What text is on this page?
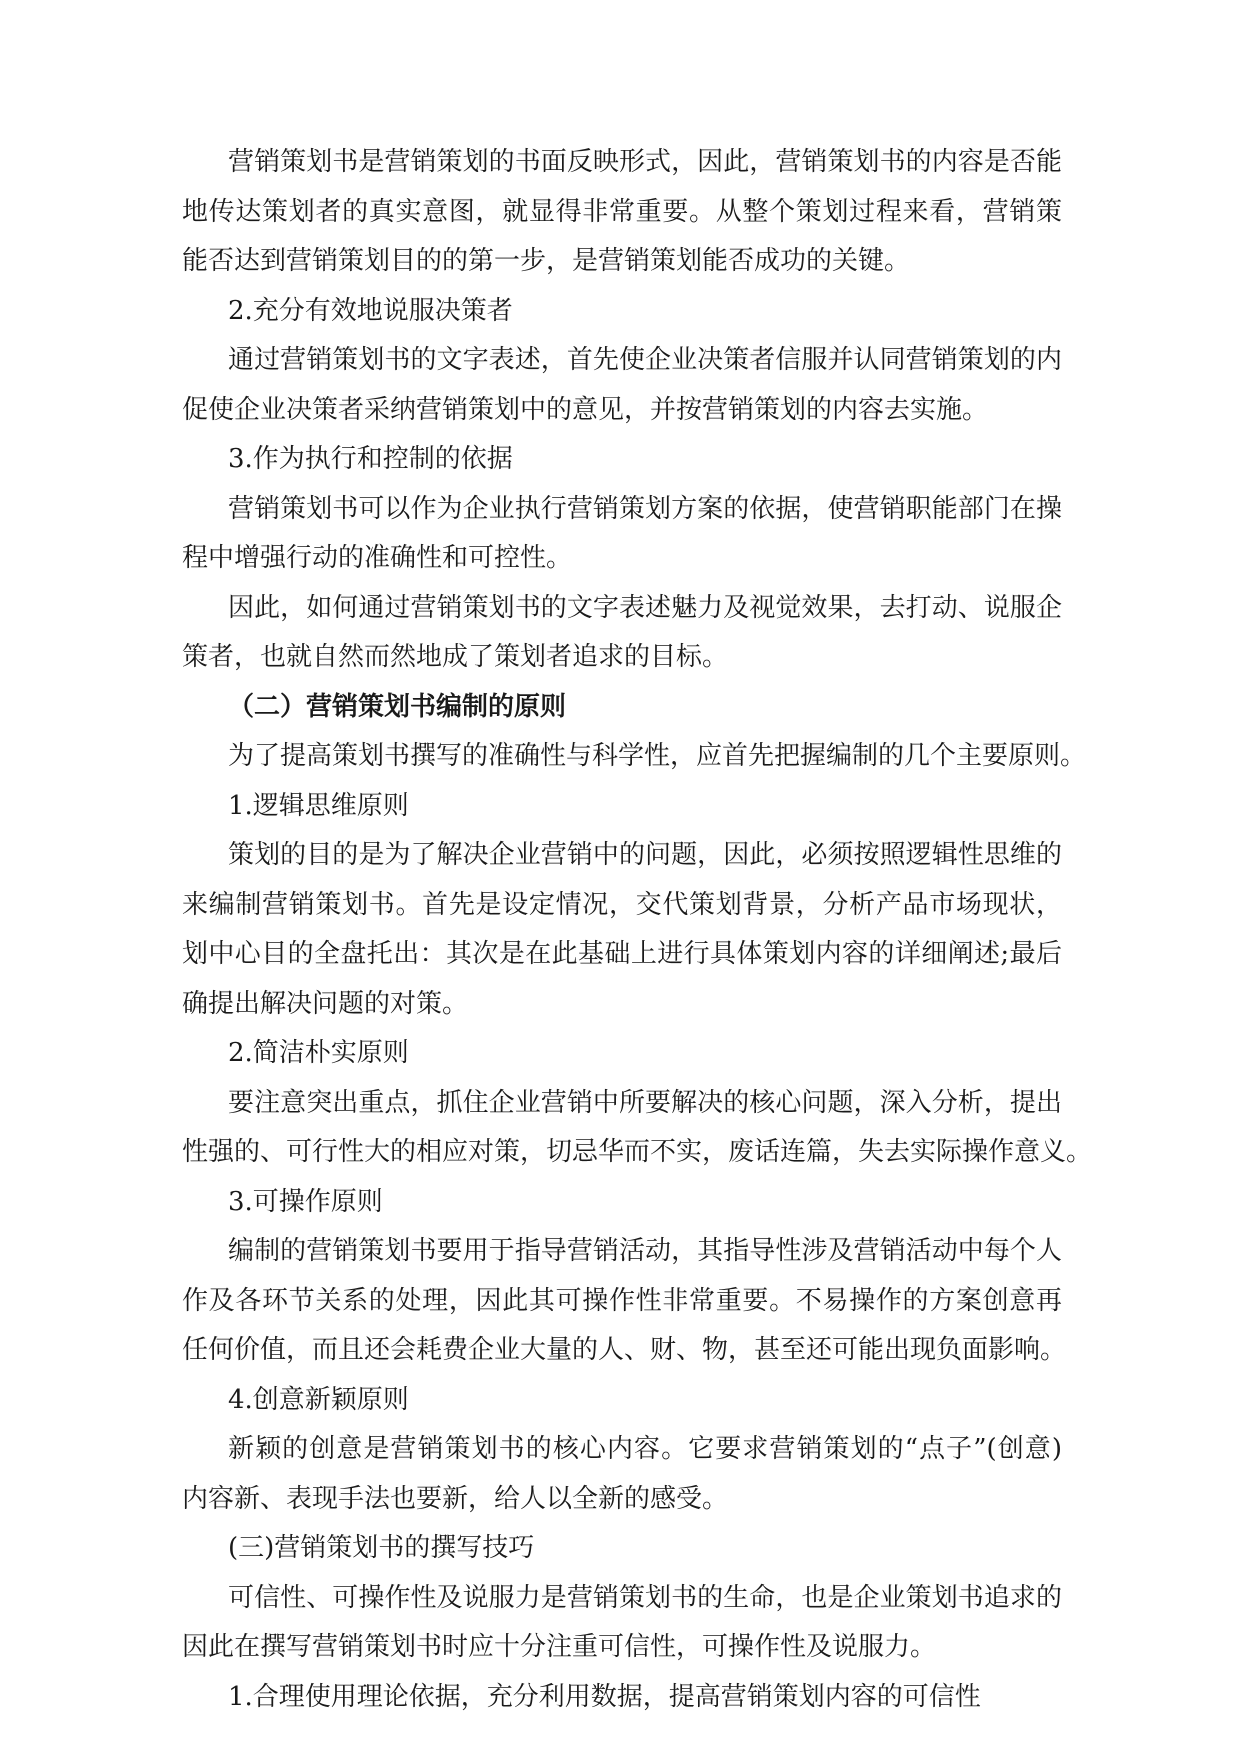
营销策划书是营销策划的书面反映形式，因此，营销策划书的内容是否能
地传达策划者的真实意图，就显得非常重要。从整个策划过程来看，营销策
能否达到营销策划目的的第一步，是营销策划能否成功的关键。
2.充分有效地说服决策者
通过营销策划书的文字表述，首先使企业决策者信服并认同营销策划的内
促使企业决策者采纳营销策划中的意见，并按营销策划的内容去实施。
3.作为执行和控制的依据
营销策划书可以作为企业执行营销策划方案的依据，使营销职能部门在操
程中增强行动的准确性和可控性。
因此，如何通过营销策划书的文字表述魅力及视觉效果，去打动、说服企
策者，也就自然而然地成了策划者追求的目标。
（二）营销策划书编制的原则
为了提高策划书撰写的准确性与科学性，应首先把握编制的几个主要原则。
1.逻辑思维原则
策划的目的是为了解决企业营销中的问题，因此，必须按照逻辑性思维的
来编制营销策划书。首先是设定情况，交代策划背景，分析产品市场现状，
划中心目的全盘托出：其次是在此基础上进行具体策划内容的详细阐述;最后
确提出解决问题的对策。
2.简洁朴实原则
要注意突出重点，抓住企业营销中所要解决的核心问题，深入分析，提出
性强的、可行性大的相应对策，切忌华而不实，废话连篇，失去实际操作意义。
3.可操作原则
编制的营销策划书要用于指导营销活动，其指导性涉及营销活动中每个人
作及各环节关系的处理，因此其可操作性非常重要。不易操作的方案创意再
任何价值，而且还会耗费企业大量的人、财、物，甚至还可能出现负面影响。
4.创意新颖原则
新颖的创意是营销策划书的核心内容。它要求营销策划的“点子”(创意)
内容新、表现手法也要新，给人以全新的感受。
(三)营销策划书的撰写技巧
可信性、可操作性及说服力是营销策划书的生命，也是企业策划书追求的
因此在撰写营销策划书时应十分注重可信性，可操作性及说服力。
1.合理使用理论依据，充分利用数据，提高营销策划内容的可信性
